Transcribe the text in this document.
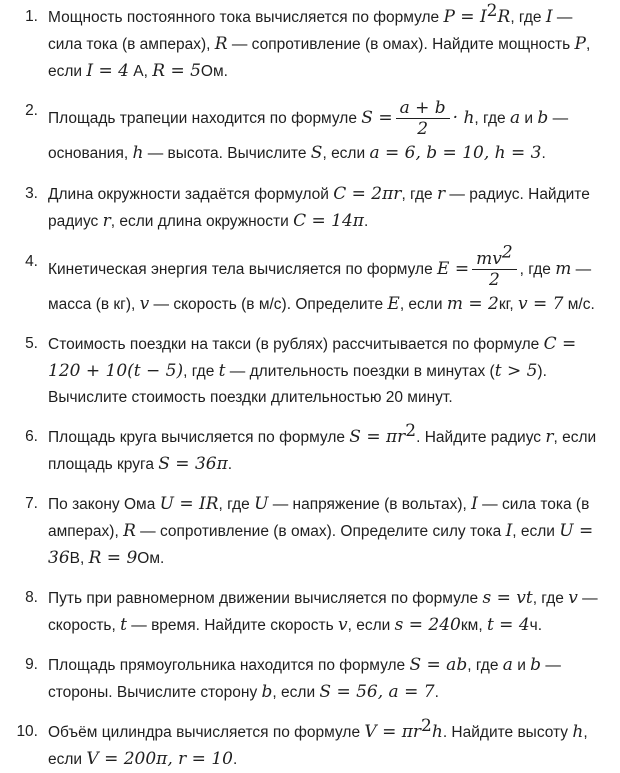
1. Мощность постоянного тока вычисляется по формуле $P = I^2R$, где I — сила тока (в амперах), R — сопротивление (в омах). Найдите мощность P, если I = 4 А, R = 5Ом.
2. Площадь трапеции находится по формуле $S = \frac{a + b}{2} \cdot h$, где a и b — основания, h — высота. Вычислите S, если a = 6, b = 10, h = 3.
3. Длина окружности задаётся формулой C = 2πr, где r — радиус. Найдите радиус r, если длина окружности C = 14π.
4. Кинетическая энергия тела вычисляется по формуле $E = \frac{mv^2}{2}$ , где m — масса (в кг), v — скорость (в м/с). Определите E, если m = 2кг, v = 7 м/с.
5. Стоимость поездки на такси (в рублях) рассчитывается по формуле C = 120 + 10(t − 5), где t — длительность поездки в минутах (t > 5). Вычислите стоимость поездки длительностью 20 минут.
6. Площадь круга вычисляется по формуле $S = \pi r^2$. Найдите радиус r, если площадь круга S = 36π.
7. По закону Ома U = IR, где U — напряжение (в вольтах), I — сила тока (в амперах), R — сопротивление (в омах). Определите силу тока I, если U = 36В, R = 9Ом.
8. Путь при равномерном движении вычисляется по формуле s = vt, где v — скорость, t — время. Найдите скорость v, если s = 240км, t = 4ч.
9. Площадь прямоугольника находится по формуле S = ab, где a и b — стороны. Вычислите сторону b, если S = 56, a = 7.
10. Объём цилиндра вычисляется по формуле $V = \pi r^2h$. Найдите высоту h, если V = 200π, r = 10.
